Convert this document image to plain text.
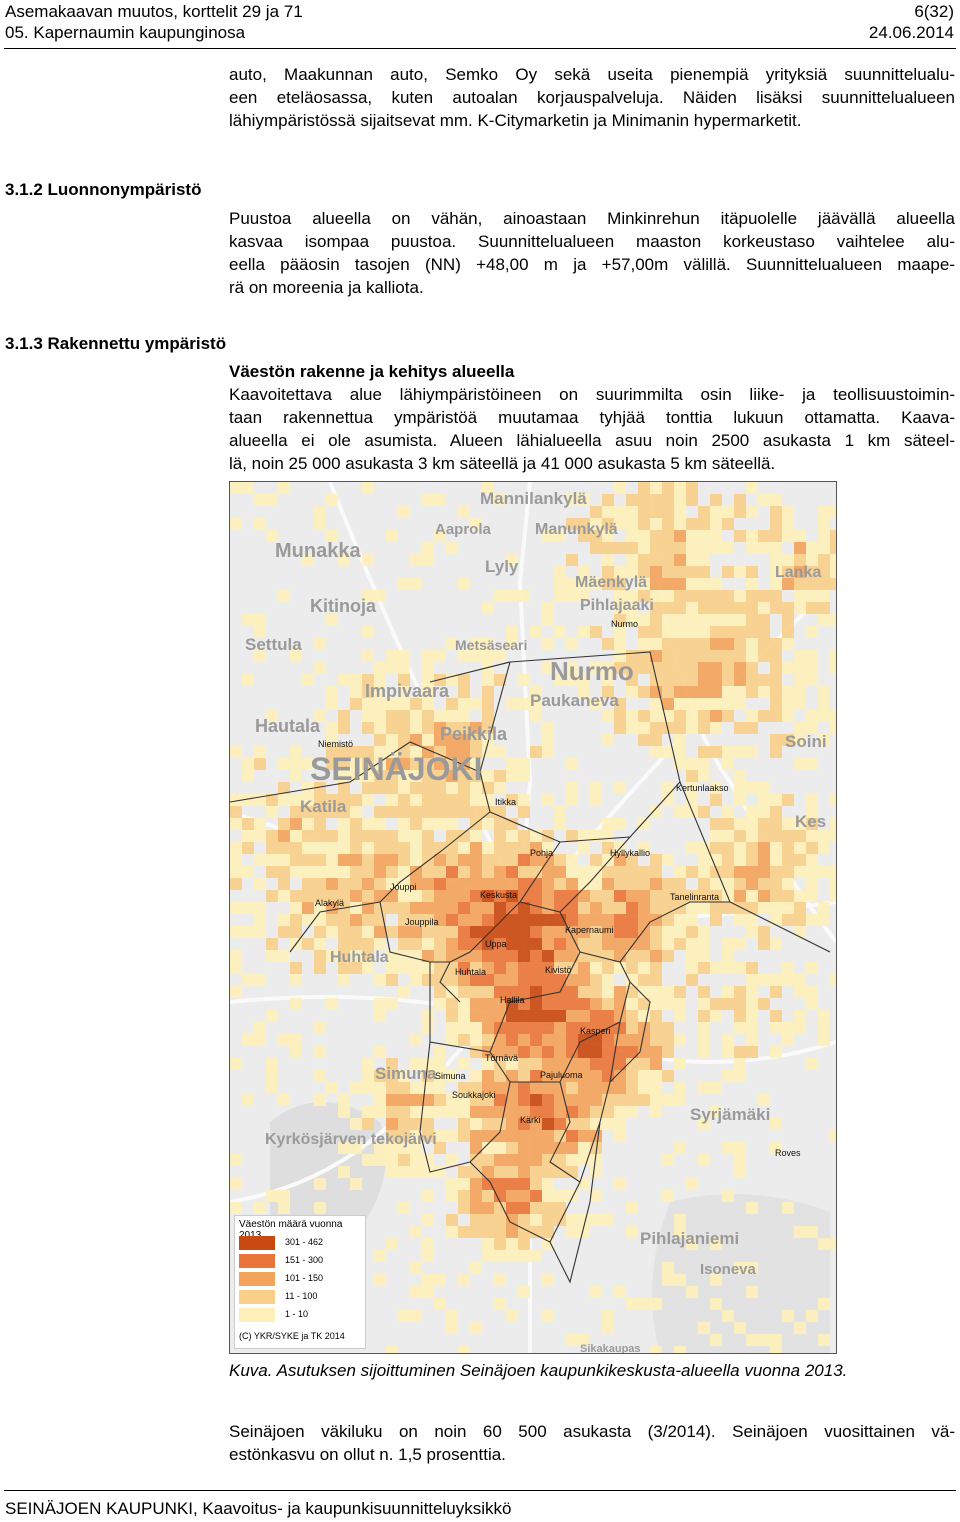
Asemakaavan muutos, korttelit 29 ja 71	6(32)
05. Kapernaumin kaupunginosa	24.06.2014
auto, Maakunnan auto, Semko Oy sekä useita pienempiä yrityksiä suunnittelualu-
een eteläosassa, kuten autoalan korjauspalveluja. Näiden lisäksi suunnittelualueen
lähiympäristössä sijaitsevat mm. K-Citymarketin ja Minimanin hypermarketit.
3.1.2 Luonnonympäristö
Puustoa alueella on vähän, ainoastaan Minkinrehun itäpuolelle jäävällä alueella
kasvaa isompaa puustoa. Suunnittelualueen maaston korkeustaso vaihtelee alu-
eella pääosin tasojen (NN) +48,00 m ja +57,00m välillä. Suunnittelualueen maape-
rä on moreenia ja kalliota.
3.1.3 Rakennettu ympäristö
Väestön rakenne ja kehitys alueella
Kaavoitettava alue lähiympäristöineen on suurimmilta osin liike- ja teollisuustoimin-
taan rakennettua ympäristöä muutamaa tyhjää tonttia lukuun ottamatta. Kaava-
alueella ei ole asumista. Alueen lähialueella asuu noin 2500 asukasta 1 km säteel-
lä, noin 25 000 asukasta 3 km säteellä ja 41 000 asukasta 5 km säteellä.
Mannilankylä
Aaprola	Manunkylä
Munakka
Lyly
Mäenkylä
Pihlajaaki
Kitinoja
Settula	Metsäseari
Nurmo
Paukaneva
Impivaara
Hautala	Peikkila
SEINÄJOKI
Katila
Huhtala
Simuna
Kyrkösjärven tekojärvi
Syrjämäki
Pihlajaniemi
Isoneva
Soini
Kes
Lanka
Sikakaupas
Nurmo
Niemistö
Itikka
Kertunlaakso
Pohja	Hyllykallio
Jouppi
Keskusta	Tanelinranta
Alakylä
Jouppila
Uppa
Kapernaumi
Huhtala	Kivistö
Hallila
Kasperi
Törnävä
Simuna	Pajuluoma
Soukkajoki
Kärki
Roves
Väestön määrä vuonna
301 - 462
151 - 300
101 - 150
11 - 100
1 - 10
(C) YKR/SYKE ja TK 2014
Kuva. Asutuksen sijoittuminen Seinäjoen kaupunkikeskusta-alueella vuonna 2013.
Seinäjoen väkiluku on noin 60 500 asukasta (3/2014). Seinäjoen vuosittainen vä-
estönkasvu on ollut n. 1,5 prosenttia.
SEINÄJOEN KAUPUNKI, Kaavoitus- ja kaupunkisuunnitteluyksikkö
